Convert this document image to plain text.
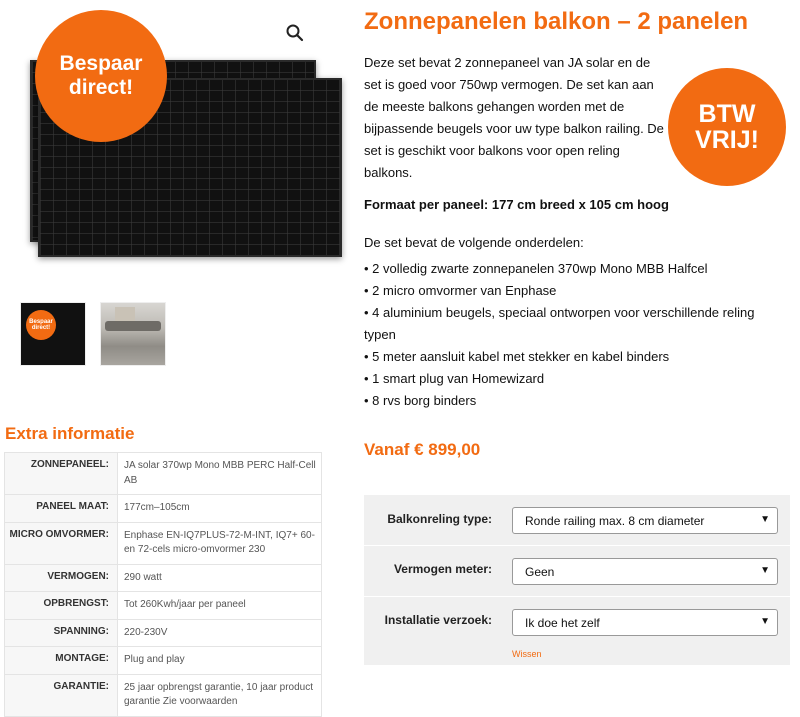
Bespaar direct!
Bespaar direct!
Extra informatie
ZONNEPANEEL:	JA solar 370wp Mono MBB PERC Half-Cell AB
PANEEL MAAT:	177cm–105cm
MICRO OMVORMER:	Enphase EN-IQ7PLUS-72-M-INT, IQ7+ 60- en 72-cels micro-omvormer 230
VERMOGEN:	290 watt
OPBRENGST:	Tot 260Kwh/jaar per paneel
SPANNING:	220-230V
MONTAGE:	Plug and play
GARANTIE:	25 jaar opbrengst garantie, 10 jaar product garantie Zie voorwaarden
Zonnepanelen balkon – 2 panelen

Deze set bevat 2 zonnepaneel van JA solar en de set is goed voor 750wp vermogen. De set kan aan de meeste balkons gehangen worden met de bijpassende beugels voor uw type balkon railing. De set is geschikt voor balkons voor open reling balkons.

BTW VRIJ!

Formaat per paneel: 177 cm breed x 105 cm hoog

De set bevat de volgende onderdelen:

• 2 volledig zwarte zonnepanelen 370wp Mono MBB Halfcel
• 2 micro omvormer van Enphase
• 4 aluminium beugels, speciaal ontworpen voor verschillende reling typen
• 5 meter aansluit kabel met stekker en kabel binders
• 1 smart plug van Homewizard
• 8 rvs borg binders

Vanaf € 899,00

Balkonreling type:	Ronde railing max. 8 cm diameter	▼
Vermogen meter:	Geen	▼
Installatie verzoek:	Ik doe het zelf	▼
Wissen
